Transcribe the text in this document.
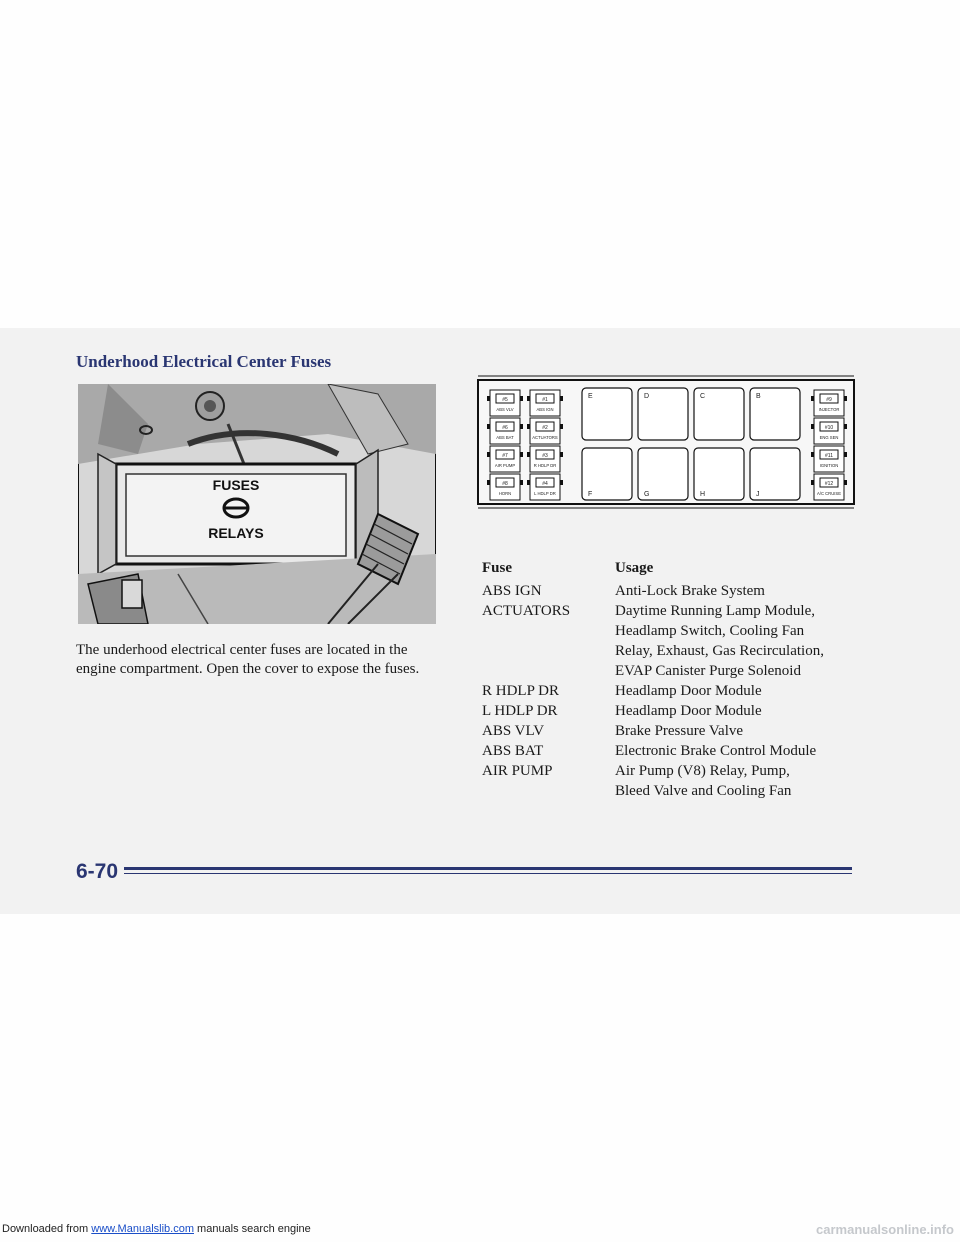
Underhood Electrical Center Fuses
FUSES
RELAYS

The underhood electrical center fuses are located in the engine compartment. Open the cover to expose the fuses.

#5
ABS VLV
#1
ABS IGN
#6
ABS BAT
#2
ACTUATORS
#7
AIR PUMP
#3
R HDLP DR
#8
HORN
#4
L HDLP DR
E	D	C	B
F	G	H	J
#9
INJECTOR
#10
ENG SEN
#11
IGNITION
#12
A/C CRUISE
Fuse	Usage
ABS IGN	Anti-Lock Brake System
ACTUATORS	Daytime Running Lamp Module,
Headlamp Switch, Cooling Fan
Relay, Exhaust, Gas Recirculation,
EVAP Canister Purge Solenoid
R HDLP DR	Headlamp Door Module
L HDLP DR	Headlamp Door Module
ABS VLV	Brake Pressure Valve
ABS BAT	Electronic Brake Control Module
AIR PUMP	Air Pump (V8) Relay, Pump,
Bleed Valve and Cooling Fan
6-70

Downloaded from www.Manualslib.com manuals search engine	carmanualsonline.info
